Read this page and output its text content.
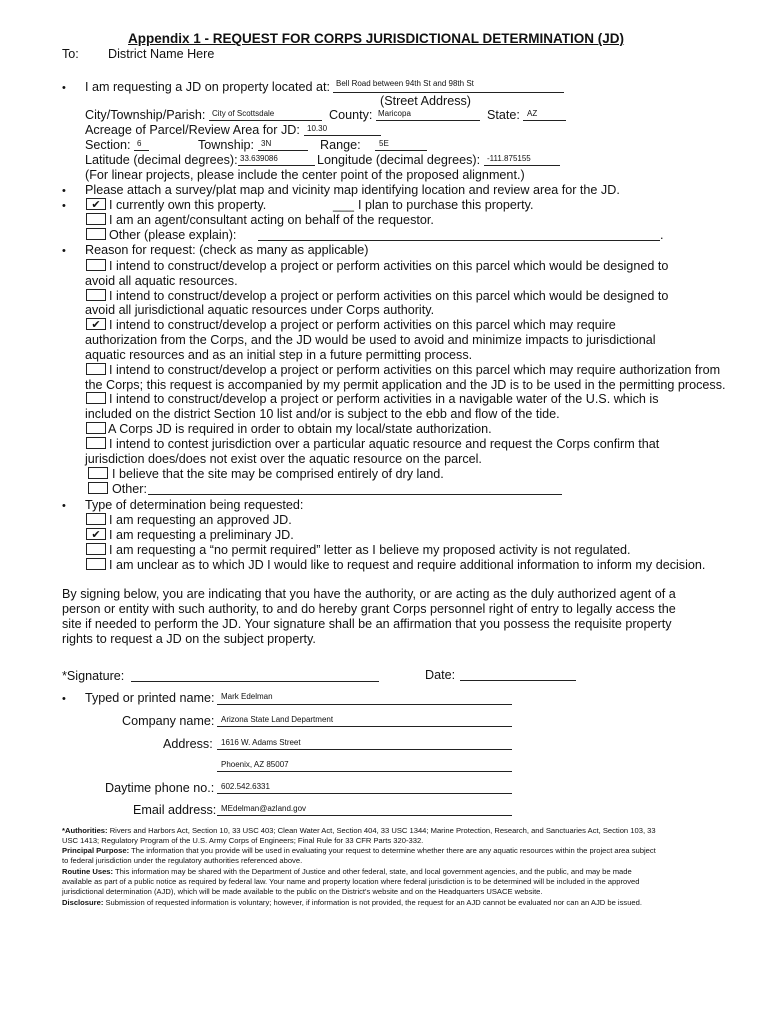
Appendix 1 - REQUEST FOR CORPS JURISDICTIONAL DETERMINATION (JD)
To: District Name Here
• I am requesting a JD on property located at: Bell Road between 94th St and 98th St
(Street Address)
City/Township/Parish: City of Scottsdale	County: Maricopa	State: AZ
Acreage of Parcel/Review Area for JD: 10.30
Section: 6	Township: 3N	Range: 5E
Latitude (decimal degrees): 33.639086	Longitude (decimal degrees): -111.875155
(For linear projects, please include the center point of the proposed alignment.)
• Please attach a survey/plat map and vicinity map identifying location and review area for the JD.
•	✔ I currently own this property.	___ I plan to purchase this property.
I am an agent/consultant acting on behalf of the requestor.
Other (please explain):	.
• Reason for request: (check as many as applicable)
I intend to construct/develop a project or perform activities on this parcel which would be designed to
avoid all aquatic resources.
I intend to construct/develop a project or perform activities on this parcel which would be designed to
avoid all jurisdictional aquatic resources under Corps authority.
✔ I intend to construct/develop a project or perform activities on this parcel which may require
authorization from the Corps, and the JD would be used to avoid and minimize impacts to jurisdictional
aquatic resources and as an initial step in a future permitting process.
I intend to construct/develop a project or perform activities on this parcel which may require authorization from
the Corps; this request is accompanied by my permit application and the JD is to be used in the permitting process.
I intend to construct/develop a project or perform activities in a navigable water of the U.S. which is
included on the district Section 10 list and/or is subject to the ebb and flow of the tide.
A Corps JD is required in order to obtain my local/state authorization.
I intend to contest jurisdiction over a particular aquatic resource and request the Corps confirm that
jurisdiction does/does not exist over the aquatic resource on the parcel.
I believe that the site may be comprised entirely of dry land.
Other:
• Type of determination being requested:
I am requesting an approved JD.
✔ I am requesting a preliminary JD.
I am requesting a “no permit required” letter as I believe my proposed activity is not regulated.
I am unclear as to which JD I would like to request and require additional information to inform my decision.
By signing below, you are indicating that you have the authority, or are acting as the duly authorized agent of a
person or entity with such authority, to and do hereby grant Corps personnel right of entry to legally access the
site if needed to perform the JD. Your signature shall be an affirmation that you possess the requisite property
rights to request a JD on the subject property.
*Signature:	Date:
• Typed or printed name: Mark Edelman
Company name: Arizona State Land Department
Address: 1616 W. Adams Street
Phoenix, AZ 85007
Daytime phone no.: 602.542.6331
Email address: MEdelman@azland.gov
*Authorities: Rivers and Harbors Act, Section 10, 33 USC 403; Clean Water Act, Section 404, 33 USC 1344; Marine Protection, Research, and Sanctuaries Act, Section 103, 33 USC 1413; Regulatory Program of the U.S. Army Corps of Engineers; Final Rule for 33 CFR Parts 320-332.
Principal Purpose: The information that you provide will be used in evaluating your request to determine whether there are any aquatic resources within the project area subject to federal jurisdiction under the regulatory authorities referenced above.
Routine Uses: This information may be shared with the Department of Justice and other federal, state, and local government agencies, and the public, and may be made available as part of a public notice as required by federal law. Your name and property location where federal jurisdiction is to be determined will be included in the approved jurisdictional determination (AJD), which will be made available to the public on the District's website and on the Headquarters USACE website.
Disclosure: Submission of requested information is voluntary; however, if information is not provided, the request for an AJD cannot be evaluated nor can an AJD be issued.
